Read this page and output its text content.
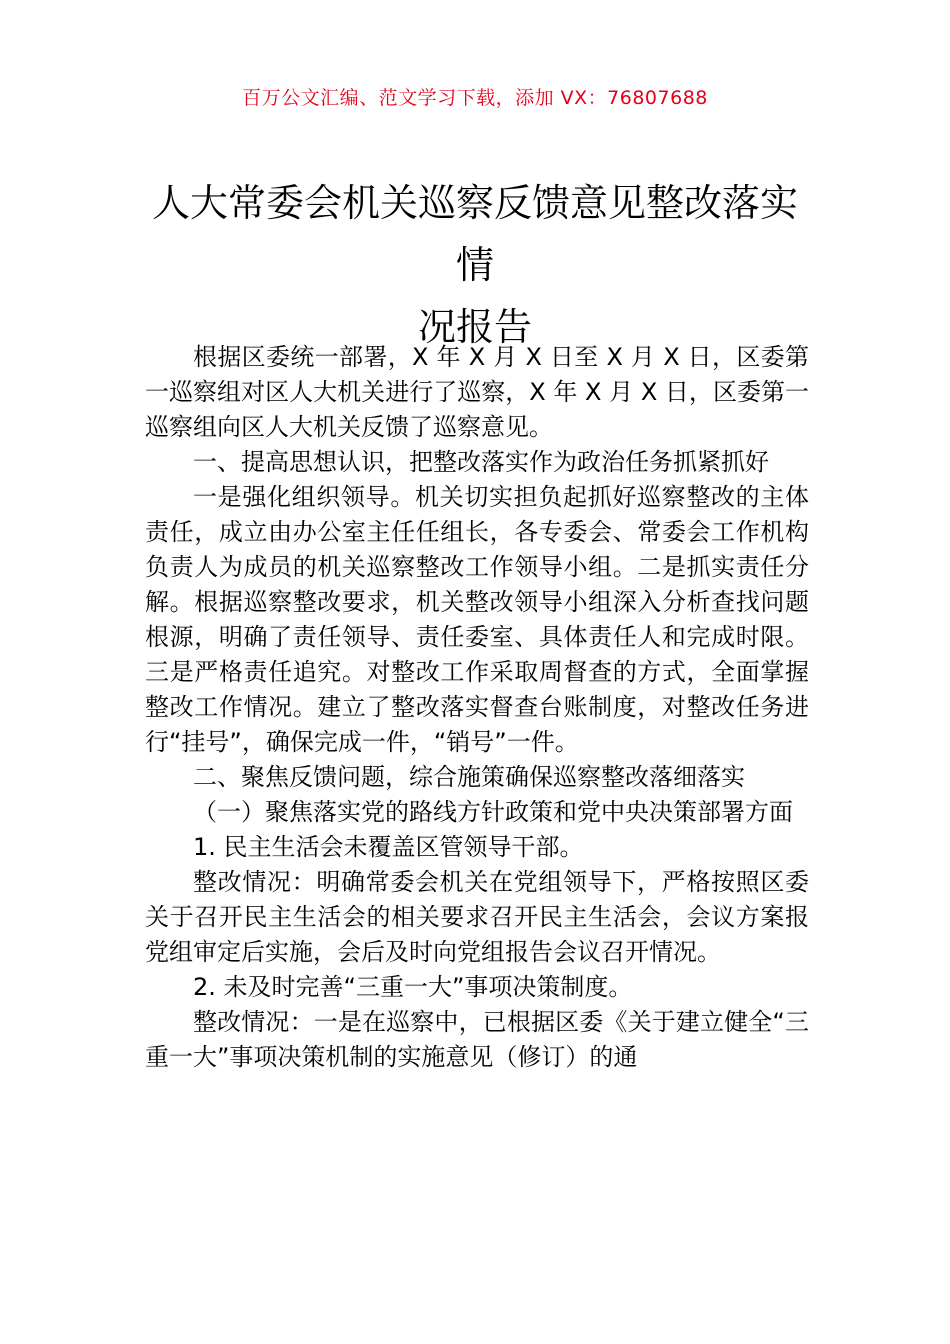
百万公文汇编、范文学习下载，添加 VX：76807688
人大常委会机关巡察反馈意见整改落实情
况报告

根据区委统一部署，X 年 X 月 X 日至 X 月 X 日，区委第一巡察组对区人大机关进行了巡察，X 年 X 月 X 日，区委第一巡察组向区人大机关反馈了巡察意见。

一、提高思想认识，把整改落实作为政治任务抓紧抓好

一是强化组织领导。机关切实担负起抓好巡察整改的主体责任，成立由办公室主任任组长，各专委会、常委会工作机构负责人为成员的机关巡察整改工作领导小组。二是抓实责任分解。根据巡察整改要求，机关整改领导小组深入分析查找问题根源，明确了责任领导、责任委室、具体责任人和完成时限。三是严格责任追究。对整改工作采取周督查的方式，全面掌握整改工作情况。建立了整改落实督查台账制度，对整改任务进行“挂号”，确保完成一件，“销号”一件。

二、聚焦反馈问题，综合施策确保巡察整改落细落实

（一）聚焦落实党的路线方针政策和党中央决策部署方面

1. 民主生活会未覆盖区管领导干部。

整改情况：明确常委会机关在党组领导下，严格按照区委关于召开民主生活会的相关要求召开民主生活会，会议方案报党组审定后实施，会后及时向党组报告会议召开情况。

2. 未及时完善“三重一大”事项决策制度。

整改情况：一是在巡察中，已根据区委《关于建立健全“三重一大”事项决策机制的实施意见（修订）的通
